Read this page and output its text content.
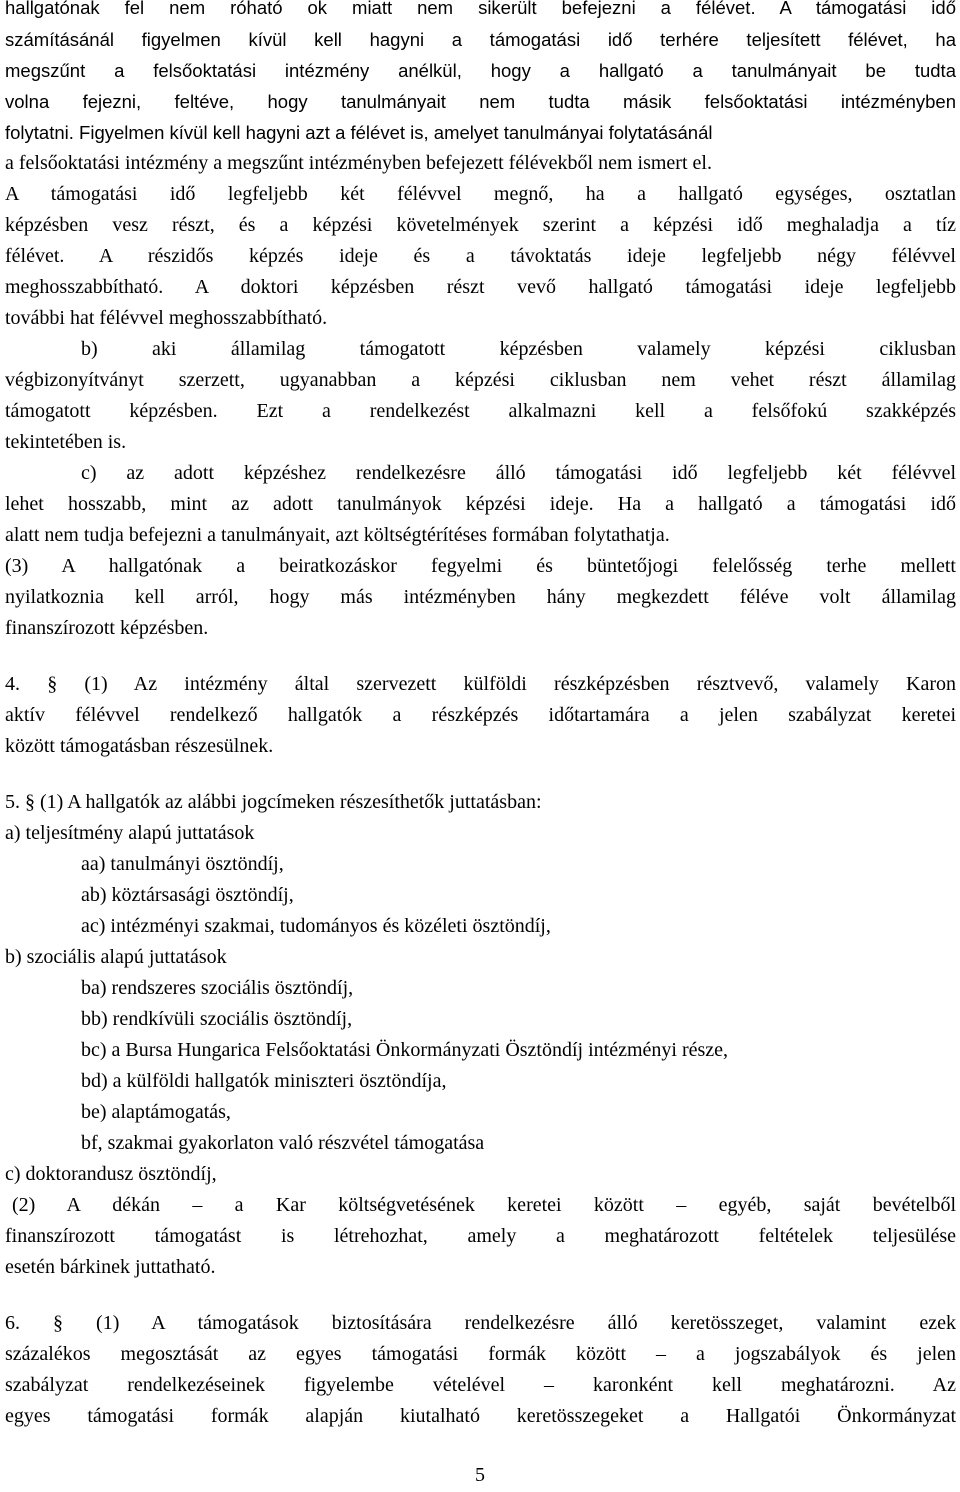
hallgatónak fel nem róható ok miatt nem sikerült befejezni a félévet. A támogatási idő

számításánál figyelmen kívül kell hagyni a támogatási idő terhére teljesített félévet, ha

megszűnt a felsőoktatási intézmény anélkül, hogy a hallgató a tanulmányait be tudta

volna fejezni, feltéve, hogy tanulmányait nem tudta másik felsőoktatási intézményben

folytatni. Figyelmen kívül kell hagyni azt a félévet is, amelyet tanulmányai folytatásánál

a felsőoktatási intézmény a megszűnt intézményben befejezett félévekből nem ismert el.

A támogatási idő legfeljebb két félévvel megnő, ha a hallgató egységes, osztatlan

képzésben vesz részt, és a képzési követelmények szerint a képzési idő meghaladja a tíz

félévet. A részidős képzés ideje és a távoktatás ideje legfeljebb négy félévvel

meghosszabbítható. A doktori képzésben részt vevő hallgató támogatási ideje legfeljebb

további hat félévvel meghosszabbítható.

b) aki államilag támogatott képzésben valamely képzési ciklusban

végbizonyítványt szerzett, ugyanabban a képzési ciklusban nem vehet részt államilag

támogatott képzésben. Ezt a rendelkezést alkalmazni kell a felsőfokú szakképzés

tekintetében is.

c) az adott képzéshez rendelkezésre álló támogatási idő legfeljebb két félévvel

lehet hosszabb, mint az adott tanulmányok képzési ideje. Ha a hallgató a támogatási idő

alatt nem tudja befejezni a tanulmányait, azt költségtérítéses formában folytathatja.

(3) A hallgatónak a beiratkozáskor fegyelmi és büntetőjogi felelősség terhe mellett

nyilatkoznia kell arról, hogy más intézményben hány megkezdett féléve volt államilag

finanszírozott képzésben.

4. § (1) Az intézmény által szervezett külföldi részképzésben résztvevő, valamely Karon

aktív félévvel rendelkező hallgatók a részképzés időtartamára a jelen szabályzat keretei

között támogatásban részesülnek.

5. § (1) A hallgatók az alábbi jogcímeken részesíthetők juttatásban:

a) teljesítmény alapú juttatások

aa) tanulmányi ösztöndíj,

ab) köztársasági ösztöndíj,

ac) intézményi szakmai, tudományos és közéleti ösztöndíj,

b) szociális alapú juttatások

ba) rendszeres szociális ösztöndíj,

bb) rendkívüli szociális ösztöndíj,

bc) a Bursa Hungarica Felsőoktatási Önkormányzati Ösztöndíj intézményi része,

bd) a külföldi hallgatók miniszteri ösztöndíja,

be) alaptámogatás,

bf, szakmai gyakorlaton való részvétel támogatása

c) doktorandusz ösztöndíj,

(2) A dékán – a Kar költségvetésének keretei között – egyéb, saját bevételből

finanszírozott támogatást is létrehozhat, amely a meghatározott feltételek teljesülése

esetén bárkinek juttatható.

6. § (1) A támogatások biztosítására rendelkezésre álló keretösszeget, valamint ezek

százalékos megosztását az egyes támogatási formák között – a jogszabályok és jelen

szabályzat rendelkezéseinek figyelembe vételével – karonként kell meghatározni. Az

egyes támogatási formák alapján kiutalható keretösszegeket a Hallgatói Önkormányzat

5
